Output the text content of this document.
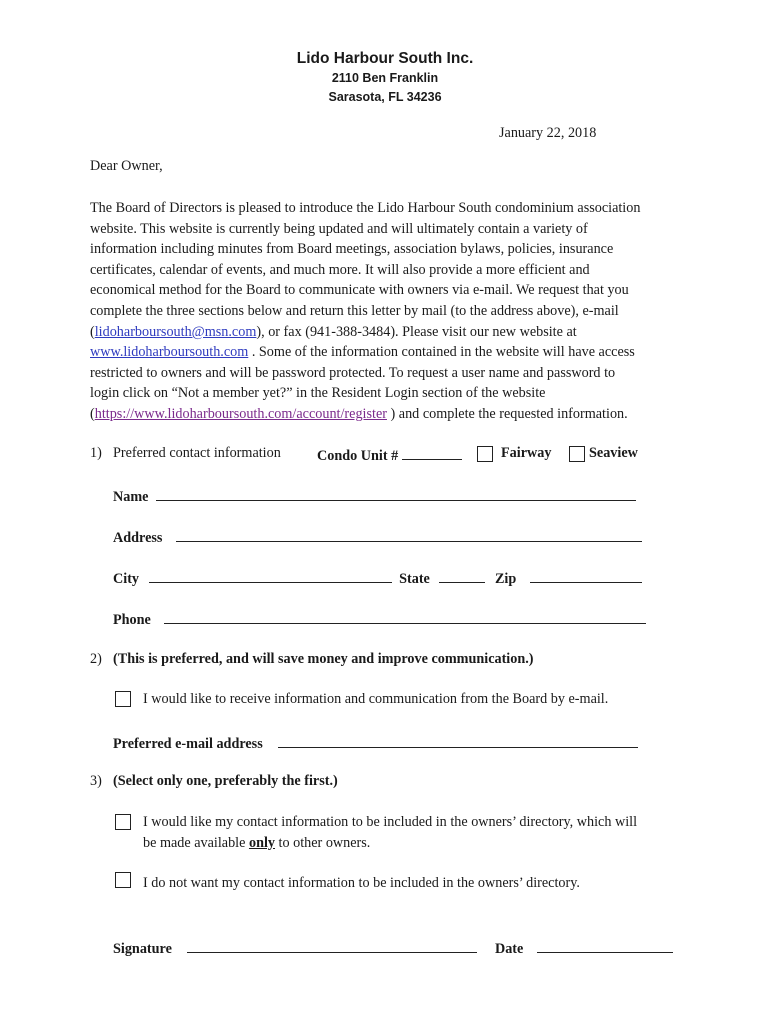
Lido Harbour South Inc.
2110 Ben Franklin
Sarasota, FL 34236
January 22, 2018
Dear Owner,
The Board of Directors is pleased to introduce the Lido Harbour South condominium association
website. This website is currently being updated and will ultimately contain a variety of
information including minutes from Board meetings, association bylaws, policies, insurance
certificates, calendar of events, and much more. It will also provide a more efficient and
economical method for the Board to communicate with owners via e-mail. We request that you
complete the three sections below and return this letter by mail (to the address above), e-mail
(lidoharboursouth@msn.com), or fax (941-388-3484). Please visit our new website at
www.lidoharboursouth.com . Some of the information contained in the website will have access
restricted to owners and will be password protected. To request a user name and password to
login click on “Not a member yet?” in the Resident Login section of the website
(https://www.lidoharboursouth.com/account/register ) and complete the requested information.
1) Preferred contact information	Condo Unit #	Fairway	Seaview
Name
Address
City	State	Zip
Phone
2) (This is preferred, and will save money and improve communication.)
I would like to receive information and communication from the Board by e-mail.
Preferred e-mail address
3) (Select only one, preferably the first.)
I would like my contact information to be included in the owners’ directory, which will
be made available only to other owners.
I do not want my contact information to be included in the owners’ directory.
Signature	Date
